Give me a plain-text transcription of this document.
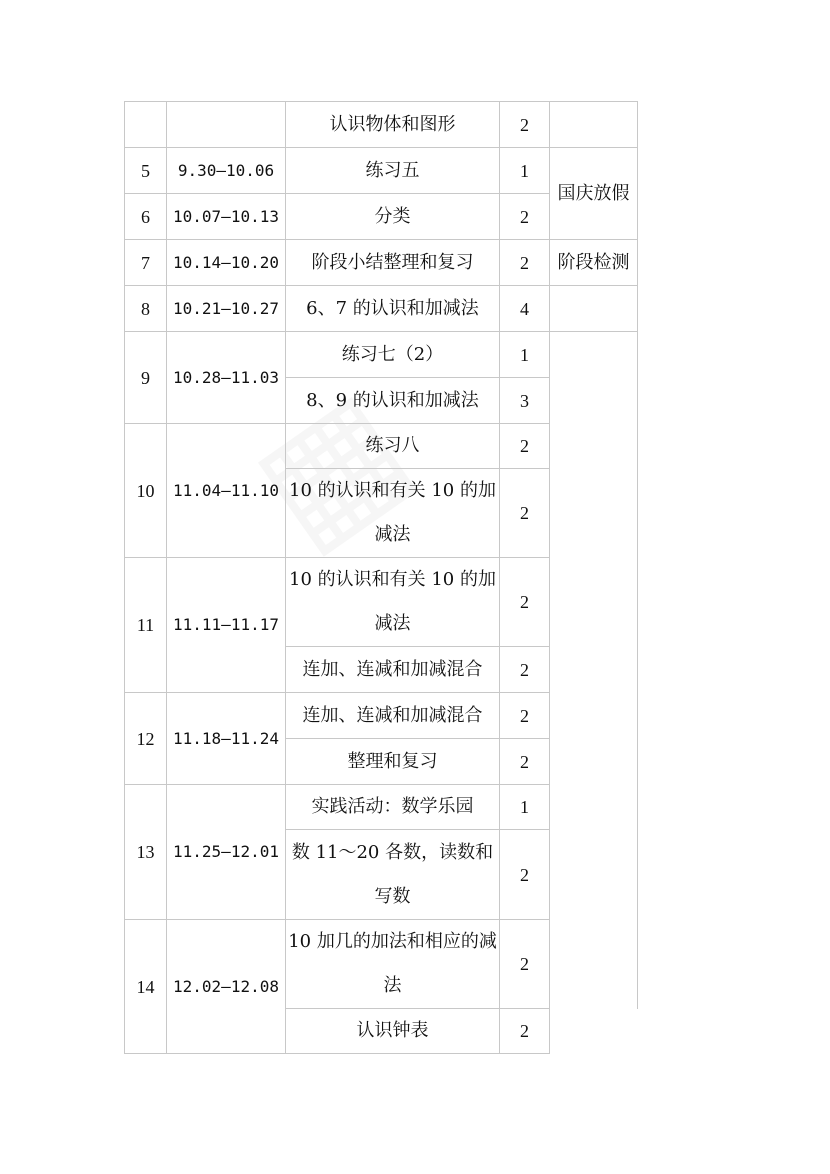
		认识物体和图形	2	
5	9.30—10.06	练习五	1	国庆放假
6	10.07—10.13	分类	2	
7	10.14—10.20	阶段小结整理和复习	2	阶段检测
8	10.21—10.27	6、7 的认识和加减法	4	
9	10.28—11.03	练习七（2）	1	
		8、9 的认识和加减法	3	
10	11.04—11.10	练习八	2	
		10 的认识和有关 10 的加减法	2	
11	11.11—11.17	10 的认识和有关 10 的加减法	2	
		连加、连减和加减混合	2	
12	11.18—11.24	连加、连减和加减混合	2	
		整理和复习	2	
13	11.25—12.01	实践活动：数学乐园	1	
		数 11～20 各数，读数和写数	2	
14	12.02—12.08	10 加几的加法和相应的减法	2	
		认识钟表	2	
